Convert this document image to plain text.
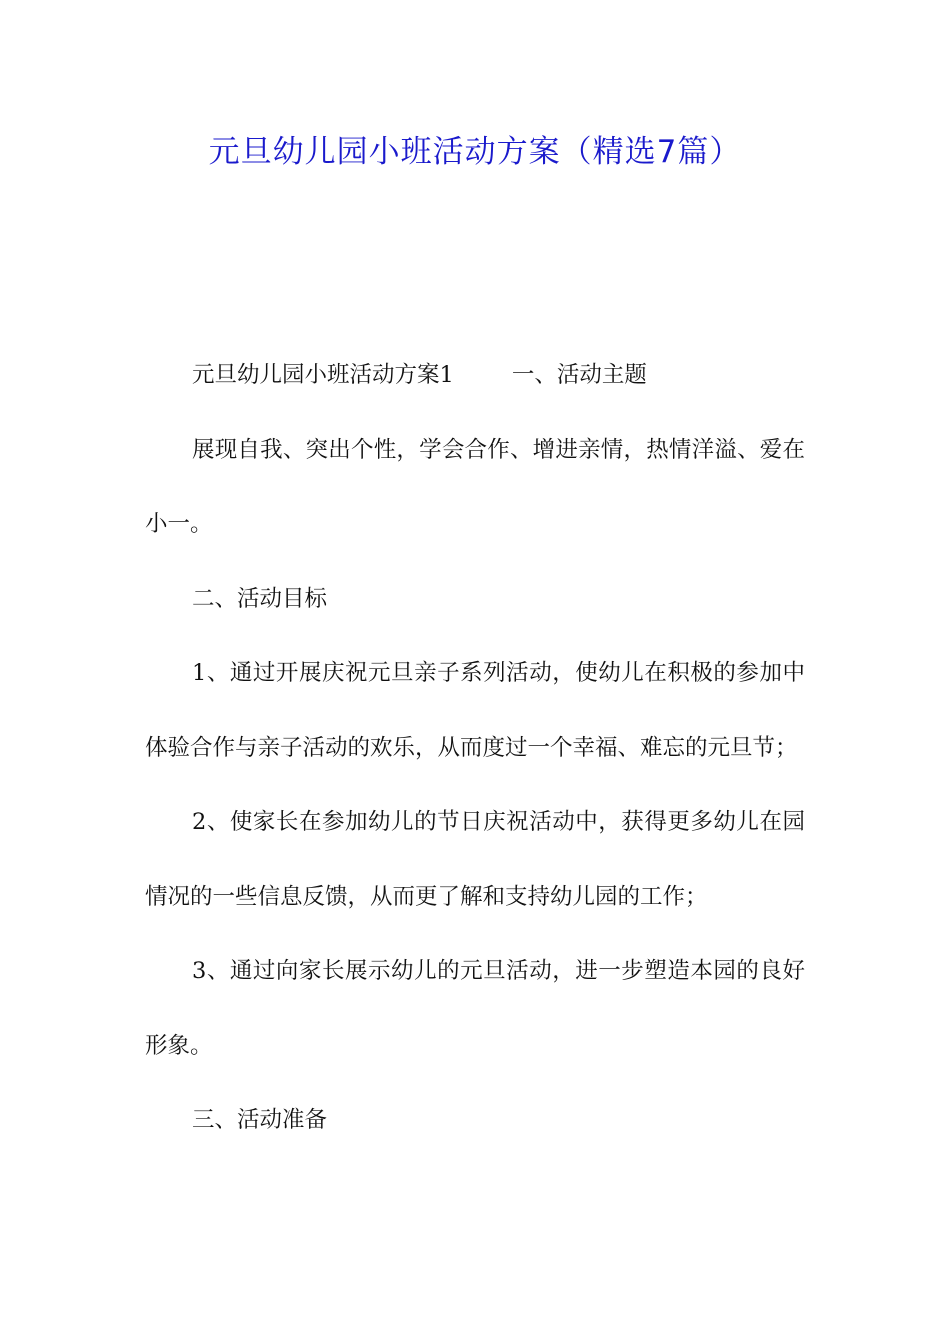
元旦幼儿园小班活动方案（精选7篇）

元旦幼儿园小班活动方案1	一、活动主题

展现自我、突出个性，学会合作、增进亲情，热情洋溢、爱在小一。

二、活动目标

1、通过开展庆祝元旦亲子系列活动，使幼儿在积极的参加中体验合作与亲子活动的欢乐，从而度过一个幸福、难忘的元旦节；

2、使家长在参加幼儿的节日庆祝活动中，获得更多幼儿在园情况的一些信息反馈，从而更了解和支持幼儿园的工作；

3、通过向家长展示幼儿的元旦活动，进一步塑造本园的良好形象。

三、活动准备
